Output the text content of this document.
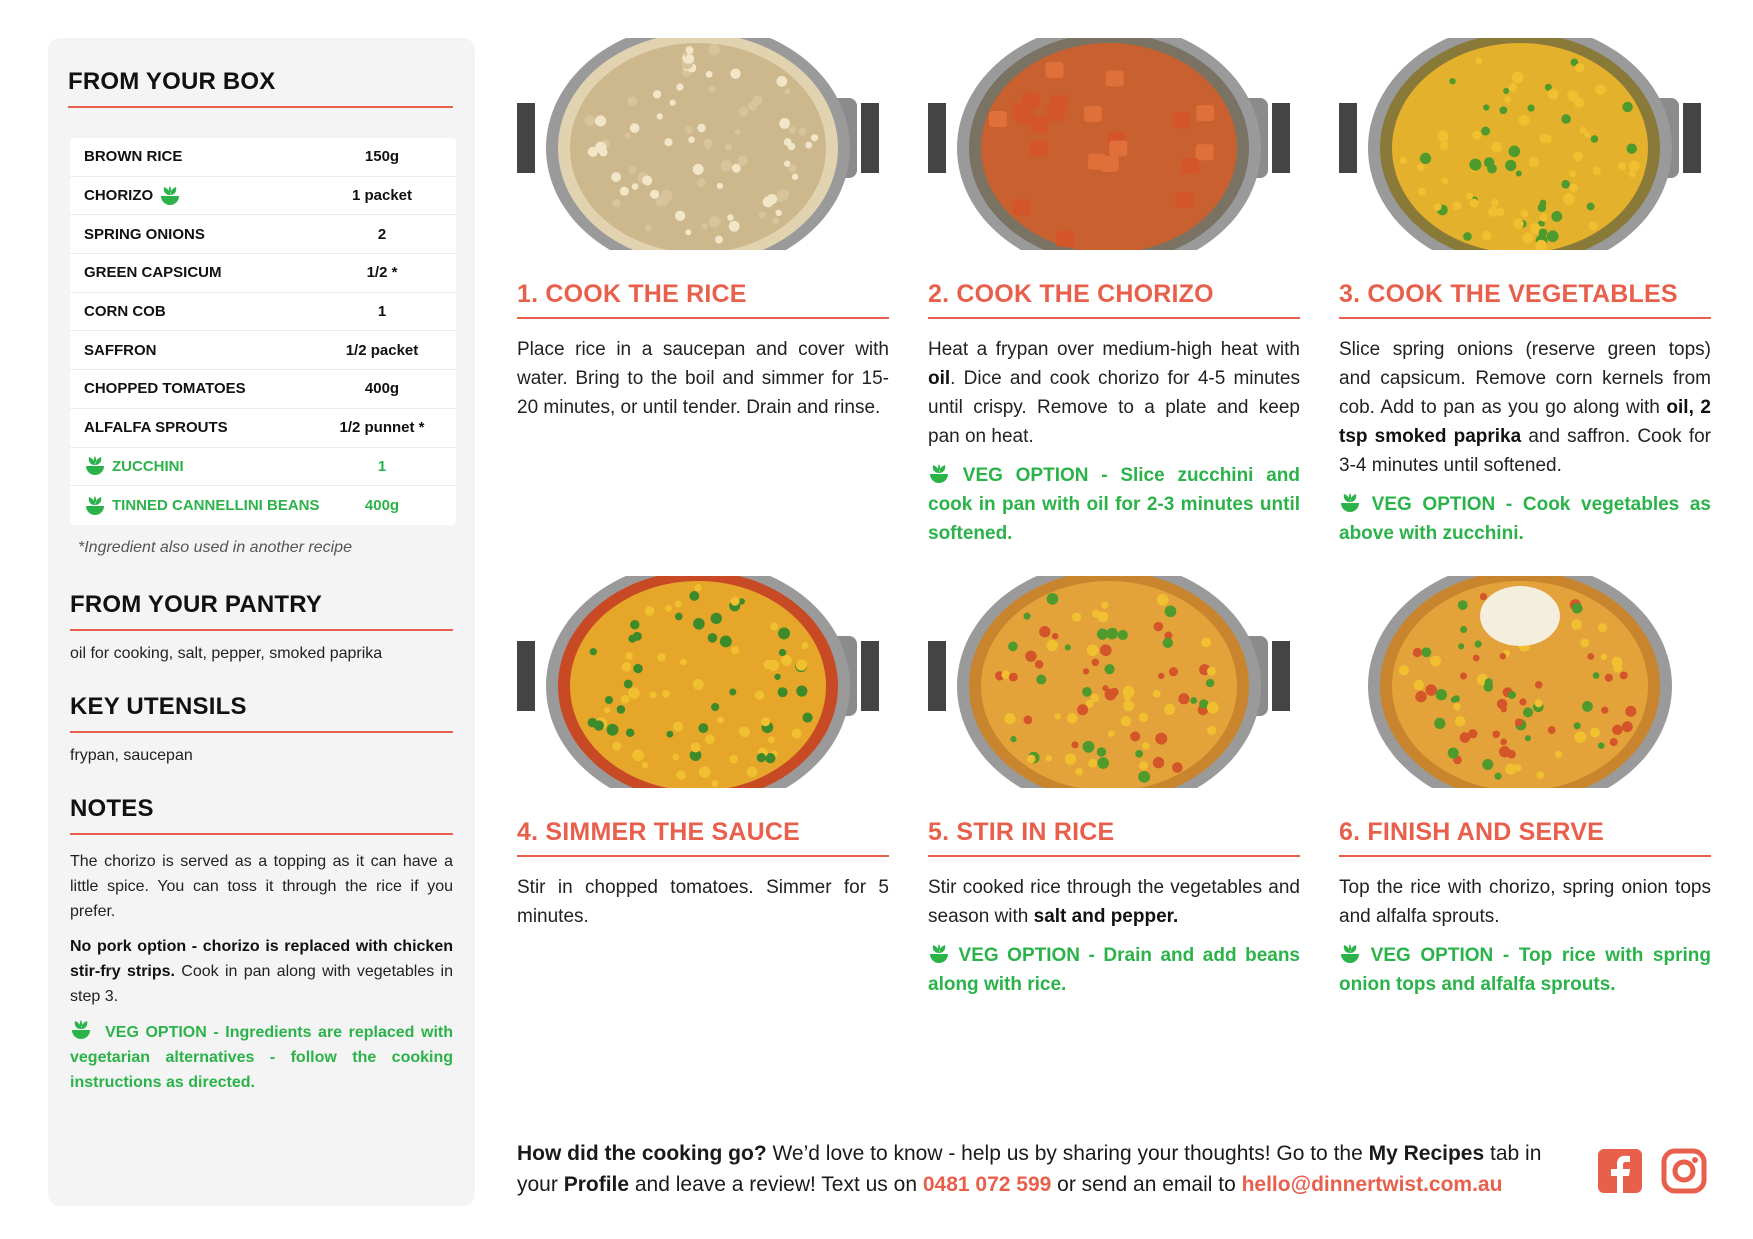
FROM YOUR BOX
BROWN RICE	150g
CHORIZO	1 packet
SPRING ONIONS	2
GREEN CAPSICUM	1/2 *
CORN COB	1
SAFFRON	1/2 packet
CHOPPED TOMATOES	400g
ALFALFA SPROUTS	1/2 punnet *
ZUCCHINI	1
TINNED CANNELLINI BEANS	400g
*Ingredient also used in another recipe
FROM YOUR PANTRY
oil for cooking, salt, pepper, smoked paprika
KEY UTENSILS
frypan, saucepan
NOTES

The chorizo is served as a topping as it can have a little spice. You can toss it through the rice if you prefer.

No pork option - chorizo is replaced with chicken stir-fry strips. Cook in pan along with vegetables in step 3.

VEG OPTION - Ingredients are replaced with vegetarian alternatives - follow the cooking instructions as directed.

1. COOK THE RICE
Place rice in a saucepan and cover with water. Bring to the boil and simmer for 15-20 minutes, or until tender. Drain and rinse.
2. COOK THE CHORIZO
Heat a frypan over medium-high heat with oil. Dice and cook chorizo for 4-5 minutes until crispy. Remove to a plate and keep pan on heat.
VEG OPTION - Slice zucchini and cook in pan with oil for 2-3 minutes until softened.
3. COOK THE VEGETABLES
Slice spring onions (reserve green tops) and capsicum. Remove corn kernels from cob. Add to pan as you go along with oil, 2 tsp smoked paprika and saffron. Cook for 3-4 minutes until softened.
VEG OPTION - Cook vegetables as above with zucchini.
4. SIMMER THE SAUCE
Stir in chopped tomatoes. Simmer for 5 minutes.
5. STIR IN RICE
Stir cooked rice through the vegetables and season with salt and pepper.
VEG OPTION - Drain and add beans along with rice.
6. FINISH AND SERVE
Top the rice with chorizo, spring onion tops and alfalfa sprouts.
VEG OPTION - Top rice with spring onion tops and alfalfa sprouts.
How did the cooking go? We’d love to know - help us by sharing your thoughts! Go to the My Recipes tab in your Profile and leave a review! Text us on 0481 072 599 or send an email to hello@dinnertwist.com.au
